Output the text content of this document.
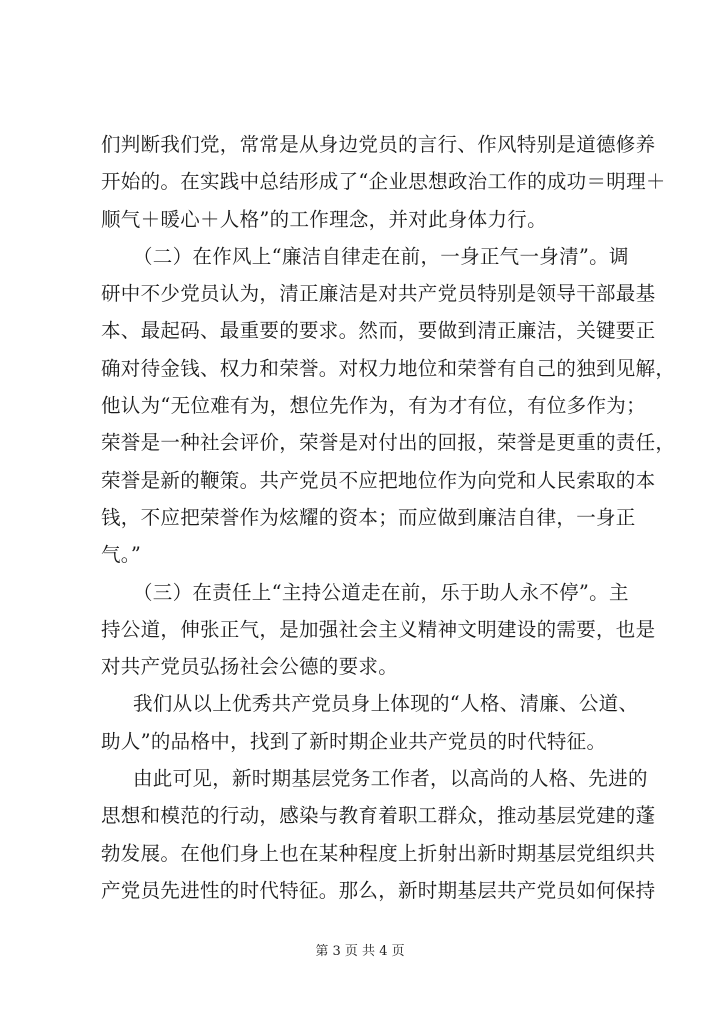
们判断我们党，常常是从身边党员的言行、作风特别是道德修养
开始的。在实践中总结形成了“企业思想政治工作的成功＝明理＋
顺气＋暖心＋人格”的工作理念，并对此身体力行。
（二）在作风上“廉洁自律走在前，一身正气一身清”。调
研中不少党员认为，清正廉洁是对共产党员特别是领导干部最基
本、最起码、最重要的要求。然而，要做到清正廉洁，关键要正
确对待金钱、权力和荣誉。对权力地位和荣誉有自己的独到见解，
他认为“无位难有为，想位先作为，有为才有位，有位多作为；
荣誉是一种社会评价，荣誉是对付出的回报，荣誉是更重的责任，
荣誉是新的鞭策。共产党员不应把地位作为向党和人民索取的本
钱，不应把荣誉作为炫耀的资本；而应做到廉洁自律，一身正
气。”
（三）在责任上“主持公道走在前，乐于助人永不停”。主
持公道，伸张正气，是加强社会主义精神文明建设的需要，也是
对共产党员弘扬社会公德的要求。
我们从以上优秀共产党员身上体现的“人格、清廉、公道、
助人”的品格中，找到了新时期企业共产党员的时代特征。
由此可见，新时期基层党务工作者，以高尚的人格、先进的
思想和模范的行动，感染与教育着职工群众，推动基层党建的蓬
勃发展。在他们身上也在某种程度上折射出新时期基层党组织共
产党员先进性的时代特征。那么，新时期基层共产党员如何保持
第 3 页 共 4 页
